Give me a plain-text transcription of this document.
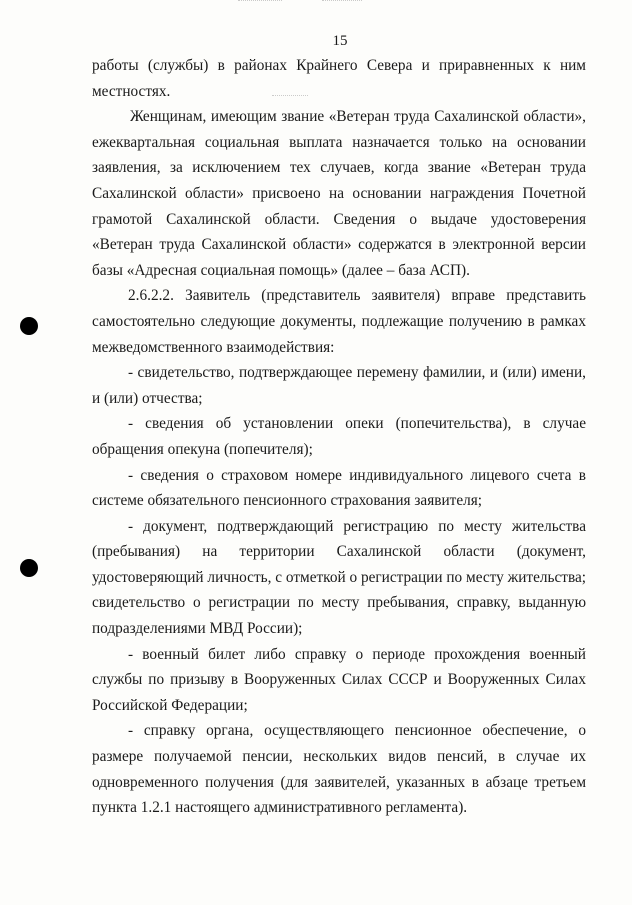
15

работы (службы) в районах Крайнего Севера и приравненных к ним местностях.

Женщинам, имеющим звание «Ветеран труда Сахалинской области», ежеквартальная социальная выплата назначается только на основании заявления, за исключением тех случаев, когда звание «Ветеран труда Сахалинской области» присвоено на основании награждения Почетной грамотой Сахалинской области. Сведения о выдаче удостоверения «Ветеран труда Сахалинской области» содержатся в электронной версии базы «Адресная социальная помощь» (далее – база АСП).

2.6.2.2. Заявитель (представитель заявителя) вправе представить самостоятельно следующие документы, подлежащие получению в рамках межведомственного взаимодействия:

- свидетельство, подтверждающее перемену фамилии, и (или) имени, и (или) отчества;

- сведения об установлении опеки (попечительства), в случае обращения опекуна (попечителя);

- сведения о страховом номере индивидуального лицевого счета в системе обязательного пенсионного страхования заявителя;

- документ, подтверждающий регистрацию по месту жительства (пребывания) на территории Сахалинской области (документ, удостоверяющий личность, с отметкой о регистрации по месту жительства; свидетельство о регистрации по месту пребывания, справку, выданную подразделениями МВД России);

- военный билет либо справку о периоде прохождения военный службы по призыву в Вооруженных Силах СССР и Вооруженных Силах Российской Федерации;

- справку органа, осуществляющего пенсионное обеспечение, о размере получаемой пенсии, нескольких видов пенсий, в случае их одновременного получения (для заявителей, указанных в абзаце третьем пункта 1.2.1 настоящего административного регламента).
